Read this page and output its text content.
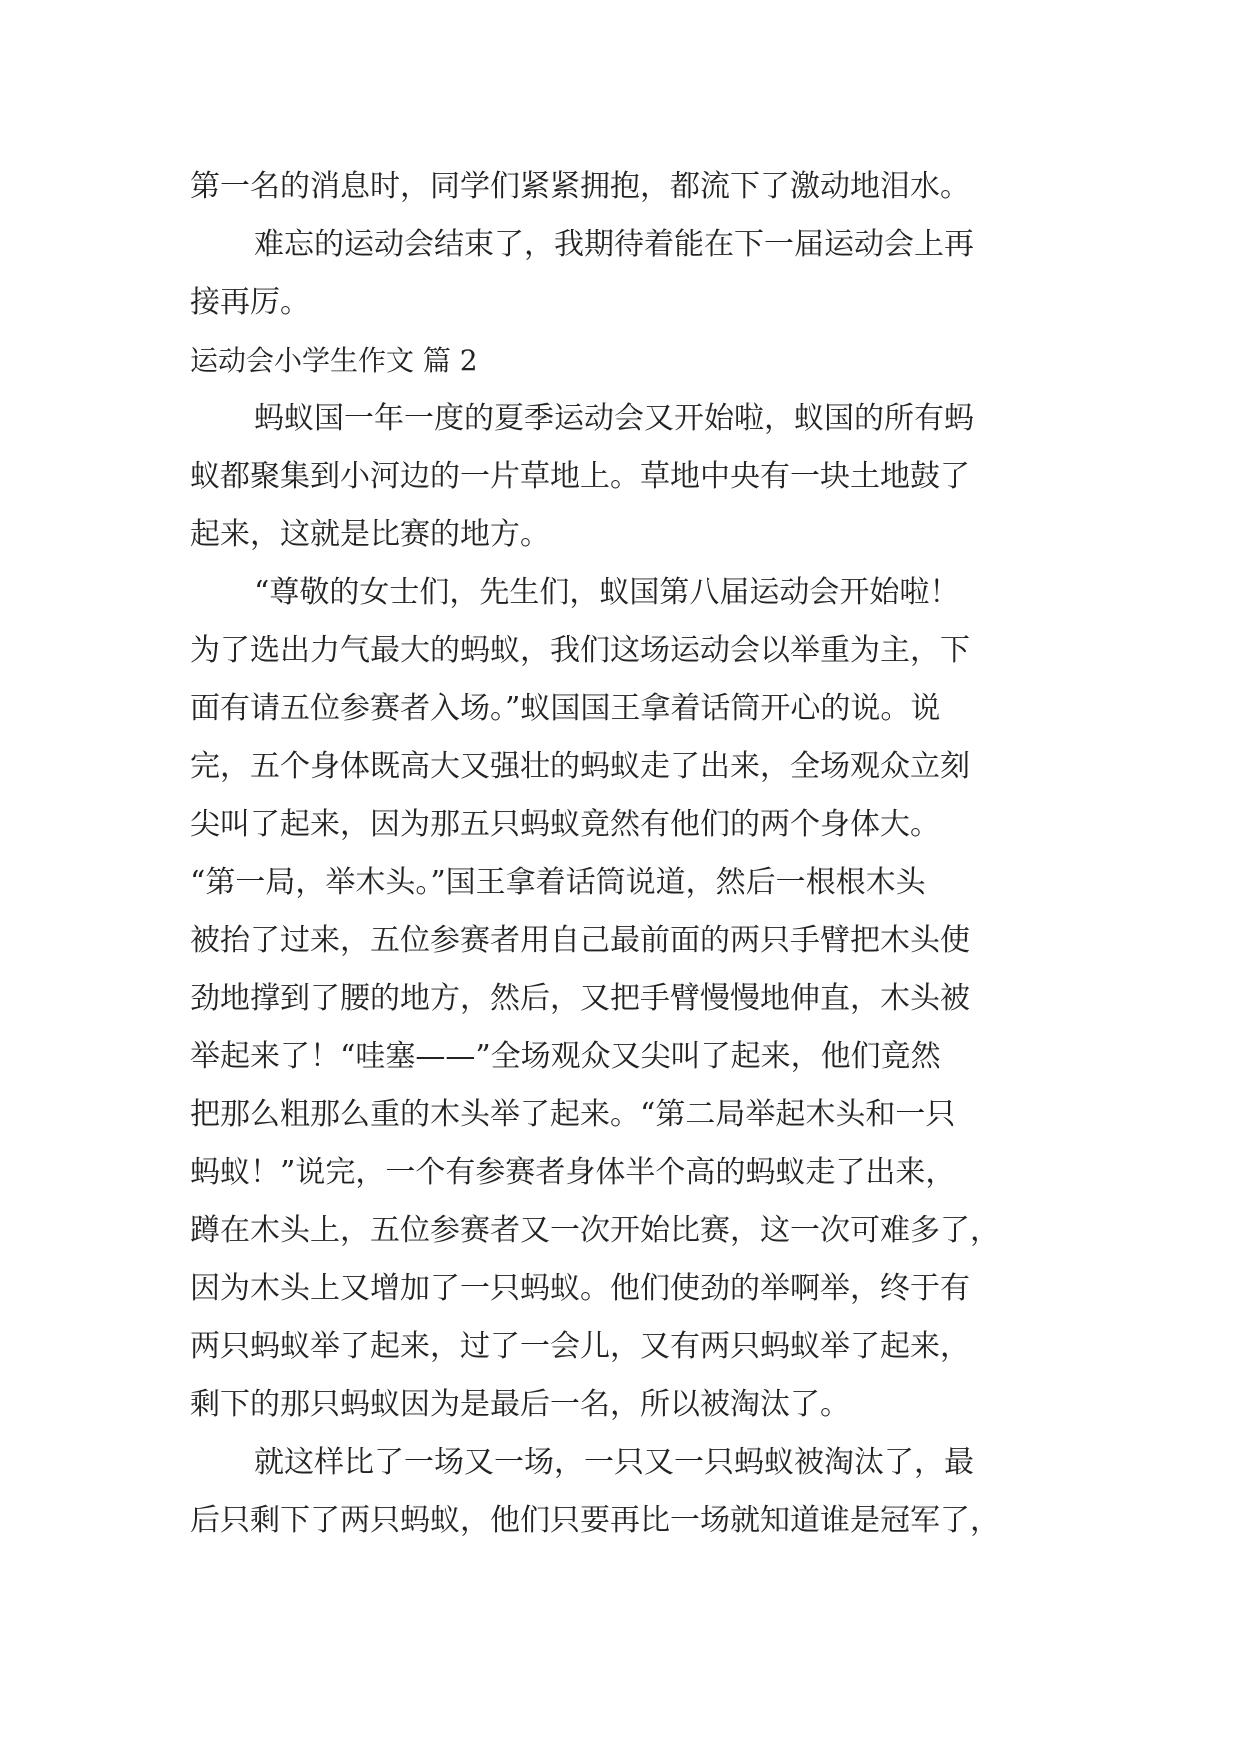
第一名的消息时，同学们紧紧拥抱，都流下了激动地泪水。
难忘的运动会结束了，我期待着能在下一届运动会上再
接再厉。
运动会小学生作文 篇 2
蚂蚁国一年一度的夏季运动会又开始啦，蚁国的所有蚂
蚁都聚集到小河边的一片草地上。草地中央有一块土地鼓了
起来，这就是比赛的地方。
“尊敬的女士们，先生们，蚁国第八届运动会开始啦！
为了选出力气最大的蚂蚁，我们这场运动会以举重为主，下
面有请五位参赛者入场。”蚁国国王拿着话筒开心的说。说
完，五个身体既高大又强壮的蚂蚁走了出来，全场观众立刻
尖叫了起来，因为那五只蚂蚁竟然有他们的两个身体大。
“第一局，举木头。”国王拿着话筒说道，然后一根根木头
被抬了过来，五位参赛者用自己最前面的两只手臂把木头使
劲地撑到了腰的地方，然后，又把手臂慢慢地伸直，木头被
举起来了！“哇塞——”全场观众又尖叫了起来，他们竟然
把那么粗那么重的木头举了起来。“第二局举起木头和一只
蚂蚁！”说完，一个有参赛者身体半个高的蚂蚁走了出来，
蹲在木头上，五位参赛者又一次开始比赛，这一次可难多了，
因为木头上又增加了一只蚂蚁。他们使劲的举啊举，终于有
两只蚂蚁举了起来，过了一会儿，又有两只蚂蚁举了起来，
剩下的那只蚂蚁因为是最后一名，所以被淘汰了。
就这样比了一场又一场，一只又一只蚂蚁被淘汰了，最
后只剩下了两只蚂蚁，他们只要再比一场就知道谁是冠军了，
